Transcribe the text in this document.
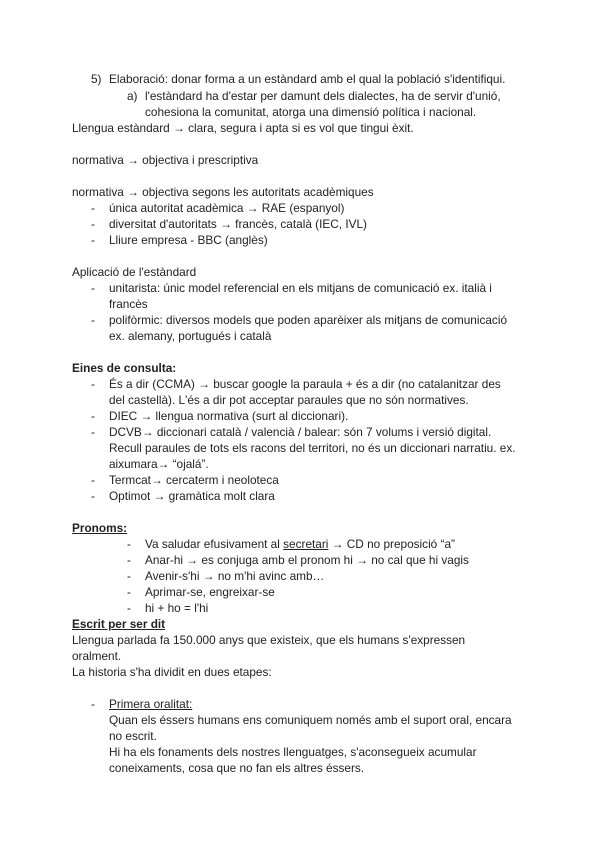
5) Elaboració: donar forma a un estàndard amb el qual la població s'identifiqui.
a) l'estàndard ha d'estar per damunt dels dialectes, ha de servir d'unió,
cohesiona la comunitat, atorga una dimensió política i nacional.
Llengua estàndard → clara, segura i apta si es vol que tingui èxit.
normativa → objectiva i prescriptiva
normativa → objectiva segons les autoritats acadèmiques
- única autoritat acadèmica → RAE (espanyol)
- diversitat d'autoritats → francès, català (IEC, IVL)
- Lliure empresa - BBC (anglès)
Aplicació de l'estàndard
- unitarista: únic model referencial en els mitjans de comunicació ex. italià i
francès
- polifòrmic: diversos models que poden aparèixer als mitjans de comunicació
ex. alemany, portugués i català
Eines de consulta:
- És a dir (CCMA) → buscar google la paraula + és a dir (no catalanitzar des
del castellà). L'és a dir pot acceptar paraules que no són normatives.
- DIEC → llengua normativa (surt al diccionari).
- DCVB→ diccionari català / valencià / balear: són 7 volums i versió digital.
Recull paraules de tots els racons del territori, no és un diccionari narratiu. ex.
aixumara→ “ojalá”.
- Termcat→ cercaterm i neoloteca
- Optimot → gramàtica molt clara
Pronoms:
- Va saludar efusivament al secretari → CD no preposició “a”
- Anar-hi → es conjuga amb el pronom hi → no cal que hi vagis
- Avenir-s'hi → no m'hi avinc amb…
- Aprimar-se, engreixar-se
- hi + ho = l'hi
Escrit per ser dit
Llengua parlada fa 150.000 anys que existeix, que els humans s'expressen
oralment.
La historia s'ha dividit en dues etapes:
- Primera oralitat:
Quan els éssers humans ens comuniquem només amb el suport oral, encara
no escrit.
Hi ha els fonaments dels nostres llenguatges, s'aconsegueix acumular
coneixaments, cosa que no fan els altres éssers.
